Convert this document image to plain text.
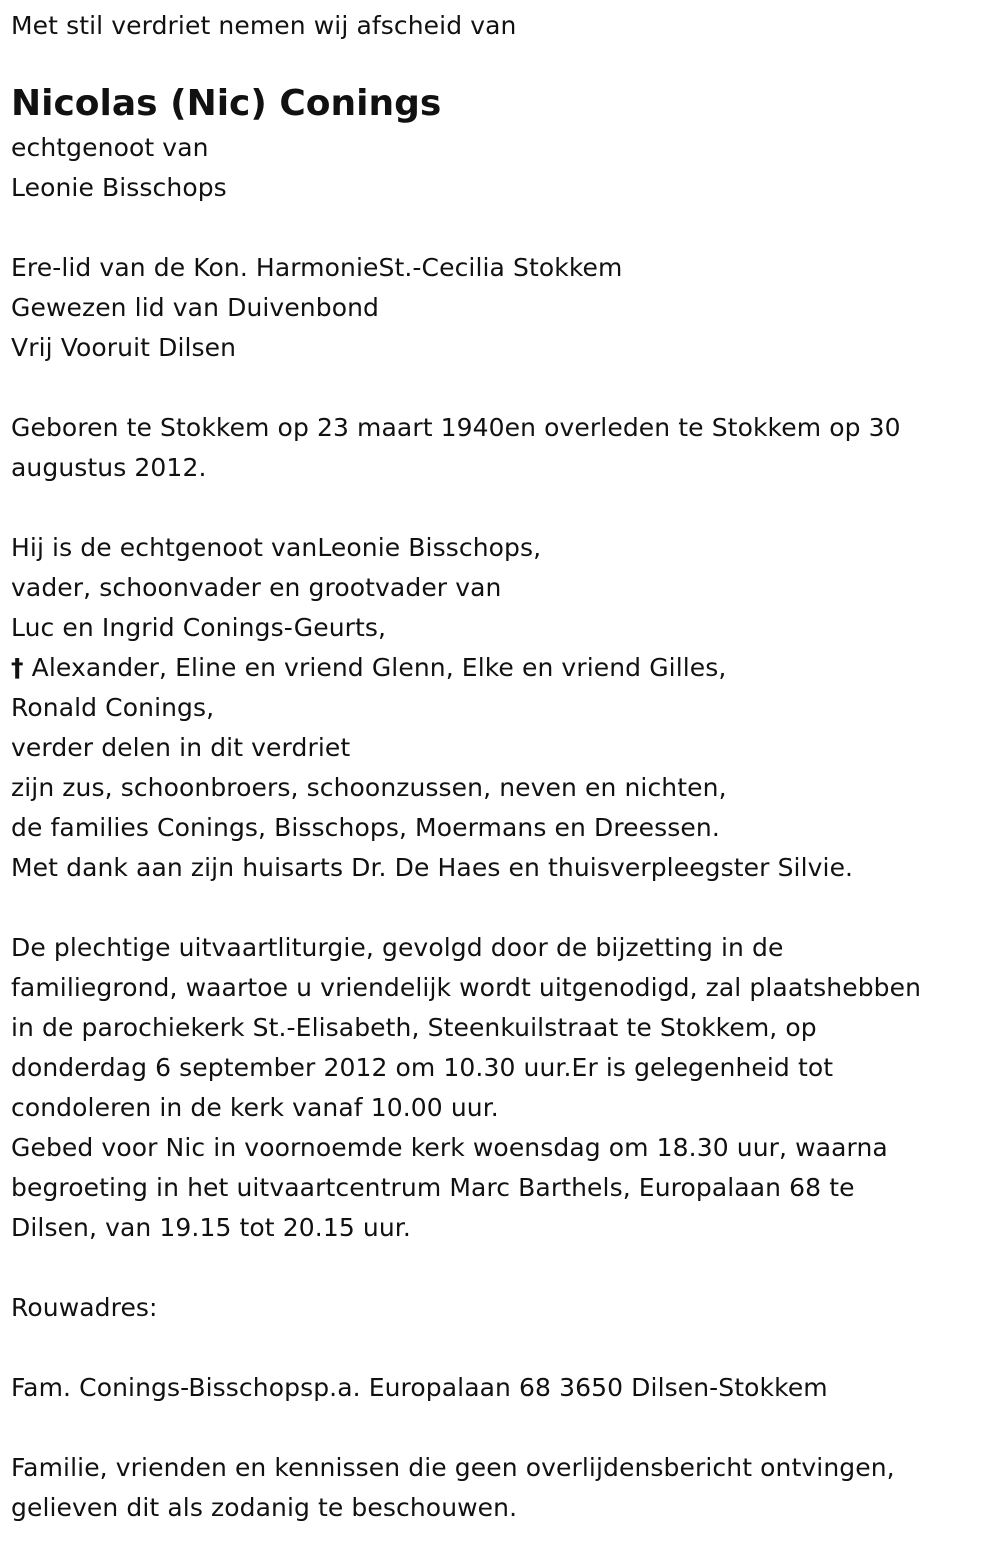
Met stil verdriet nemen wij afscheid van
Nicolas (Nic) Conings
echtgenoot van
Leonie Bisschops
Ere-lid van de Kon. HarmonieSt.-Cecilia Stokkem
Gewezen lid van Duivenbond
Vrij Vooruit Dilsen
Geboren te Stokkem op 23 maart 1940en overleden te Stokkem op 30
augustus 2012.
Hij is de echtgenoot vanLeonie Bisschops,
vader, schoonvader en grootvader van
Luc en Ingrid Conings-Geurts,
† Alexander, Eline en vriend Glenn, Elke en vriend Gilles,
Ronald Conings,
verder delen in dit verdriet
zijn zus, schoonbroers, schoonzussen, neven en nichten,
de families Conings, Bisschops, Moermans en Dreessen.
Met dank aan zijn huisarts Dr. De Haes en thuisverpleegster Silvie.
De plechtige uitvaartliturgie, gevolgd door de bijzetting in de
familiegrond, waartoe u vriendelijk wordt uitgenodigd, zal plaatshebben
in de parochiekerk St.-Elisabeth, Steenkuilstraat te Stokkem, op
donderdag 6 september 2012 om 10.30 uur.Er is gelegenheid tot
condoleren in de kerk vanaf 10.00 uur.
Gebed voor Nic in voornoemde kerk woensdag om 18.30 uur, waarna
begroeting in het uitvaartcentrum Marc Barthels, Europalaan 68 te
Dilsen, van 19.15 tot 20.15 uur.
Rouwadres:
Fam. Conings-Bisschopsp.a. Europalaan 68 3650 Dilsen-Stokkem
Familie, vrienden en kennissen die geen overlijdensbericht ontvingen,
gelieven dit als zodanig te beschouwen.
